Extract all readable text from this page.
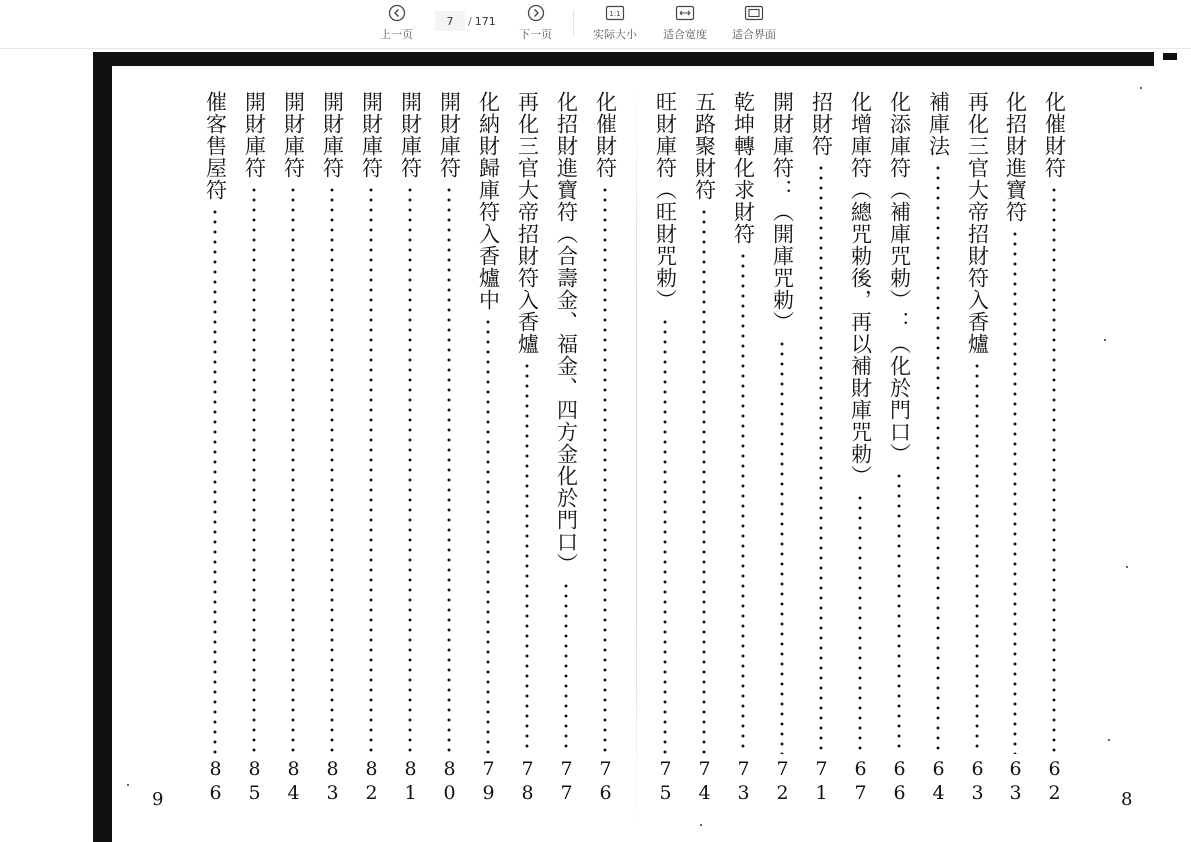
上一页
7
/ 171
下一页
1:1
实际大小 适合宽度 适合界面
化催財符
62
化招財進寶符
63
再化三官大帝招財符入香爐
63
補庫法
64
化添庫符（補庫咒勅）：（化於門口）
66
化增庫符（總咒勅後，再以補財庫咒勅）
67
招財符
71
開財庫符：（開庫咒勅）
72
乾坤轉化求財符
73
五路聚財符
74
旺財庫符（旺財咒勅）
75
化催財符
76
化招財進寶符（合壽金、福金、四方金化於門口）
77
再化三官大帝招財符入香爐
78
化納財歸庫符入香爐中
79
開財庫符
80
開財庫符
81
開財庫符
82
開財庫符
83
開財庫符
84
開財庫符
85
催客售屋符
86	8
9
